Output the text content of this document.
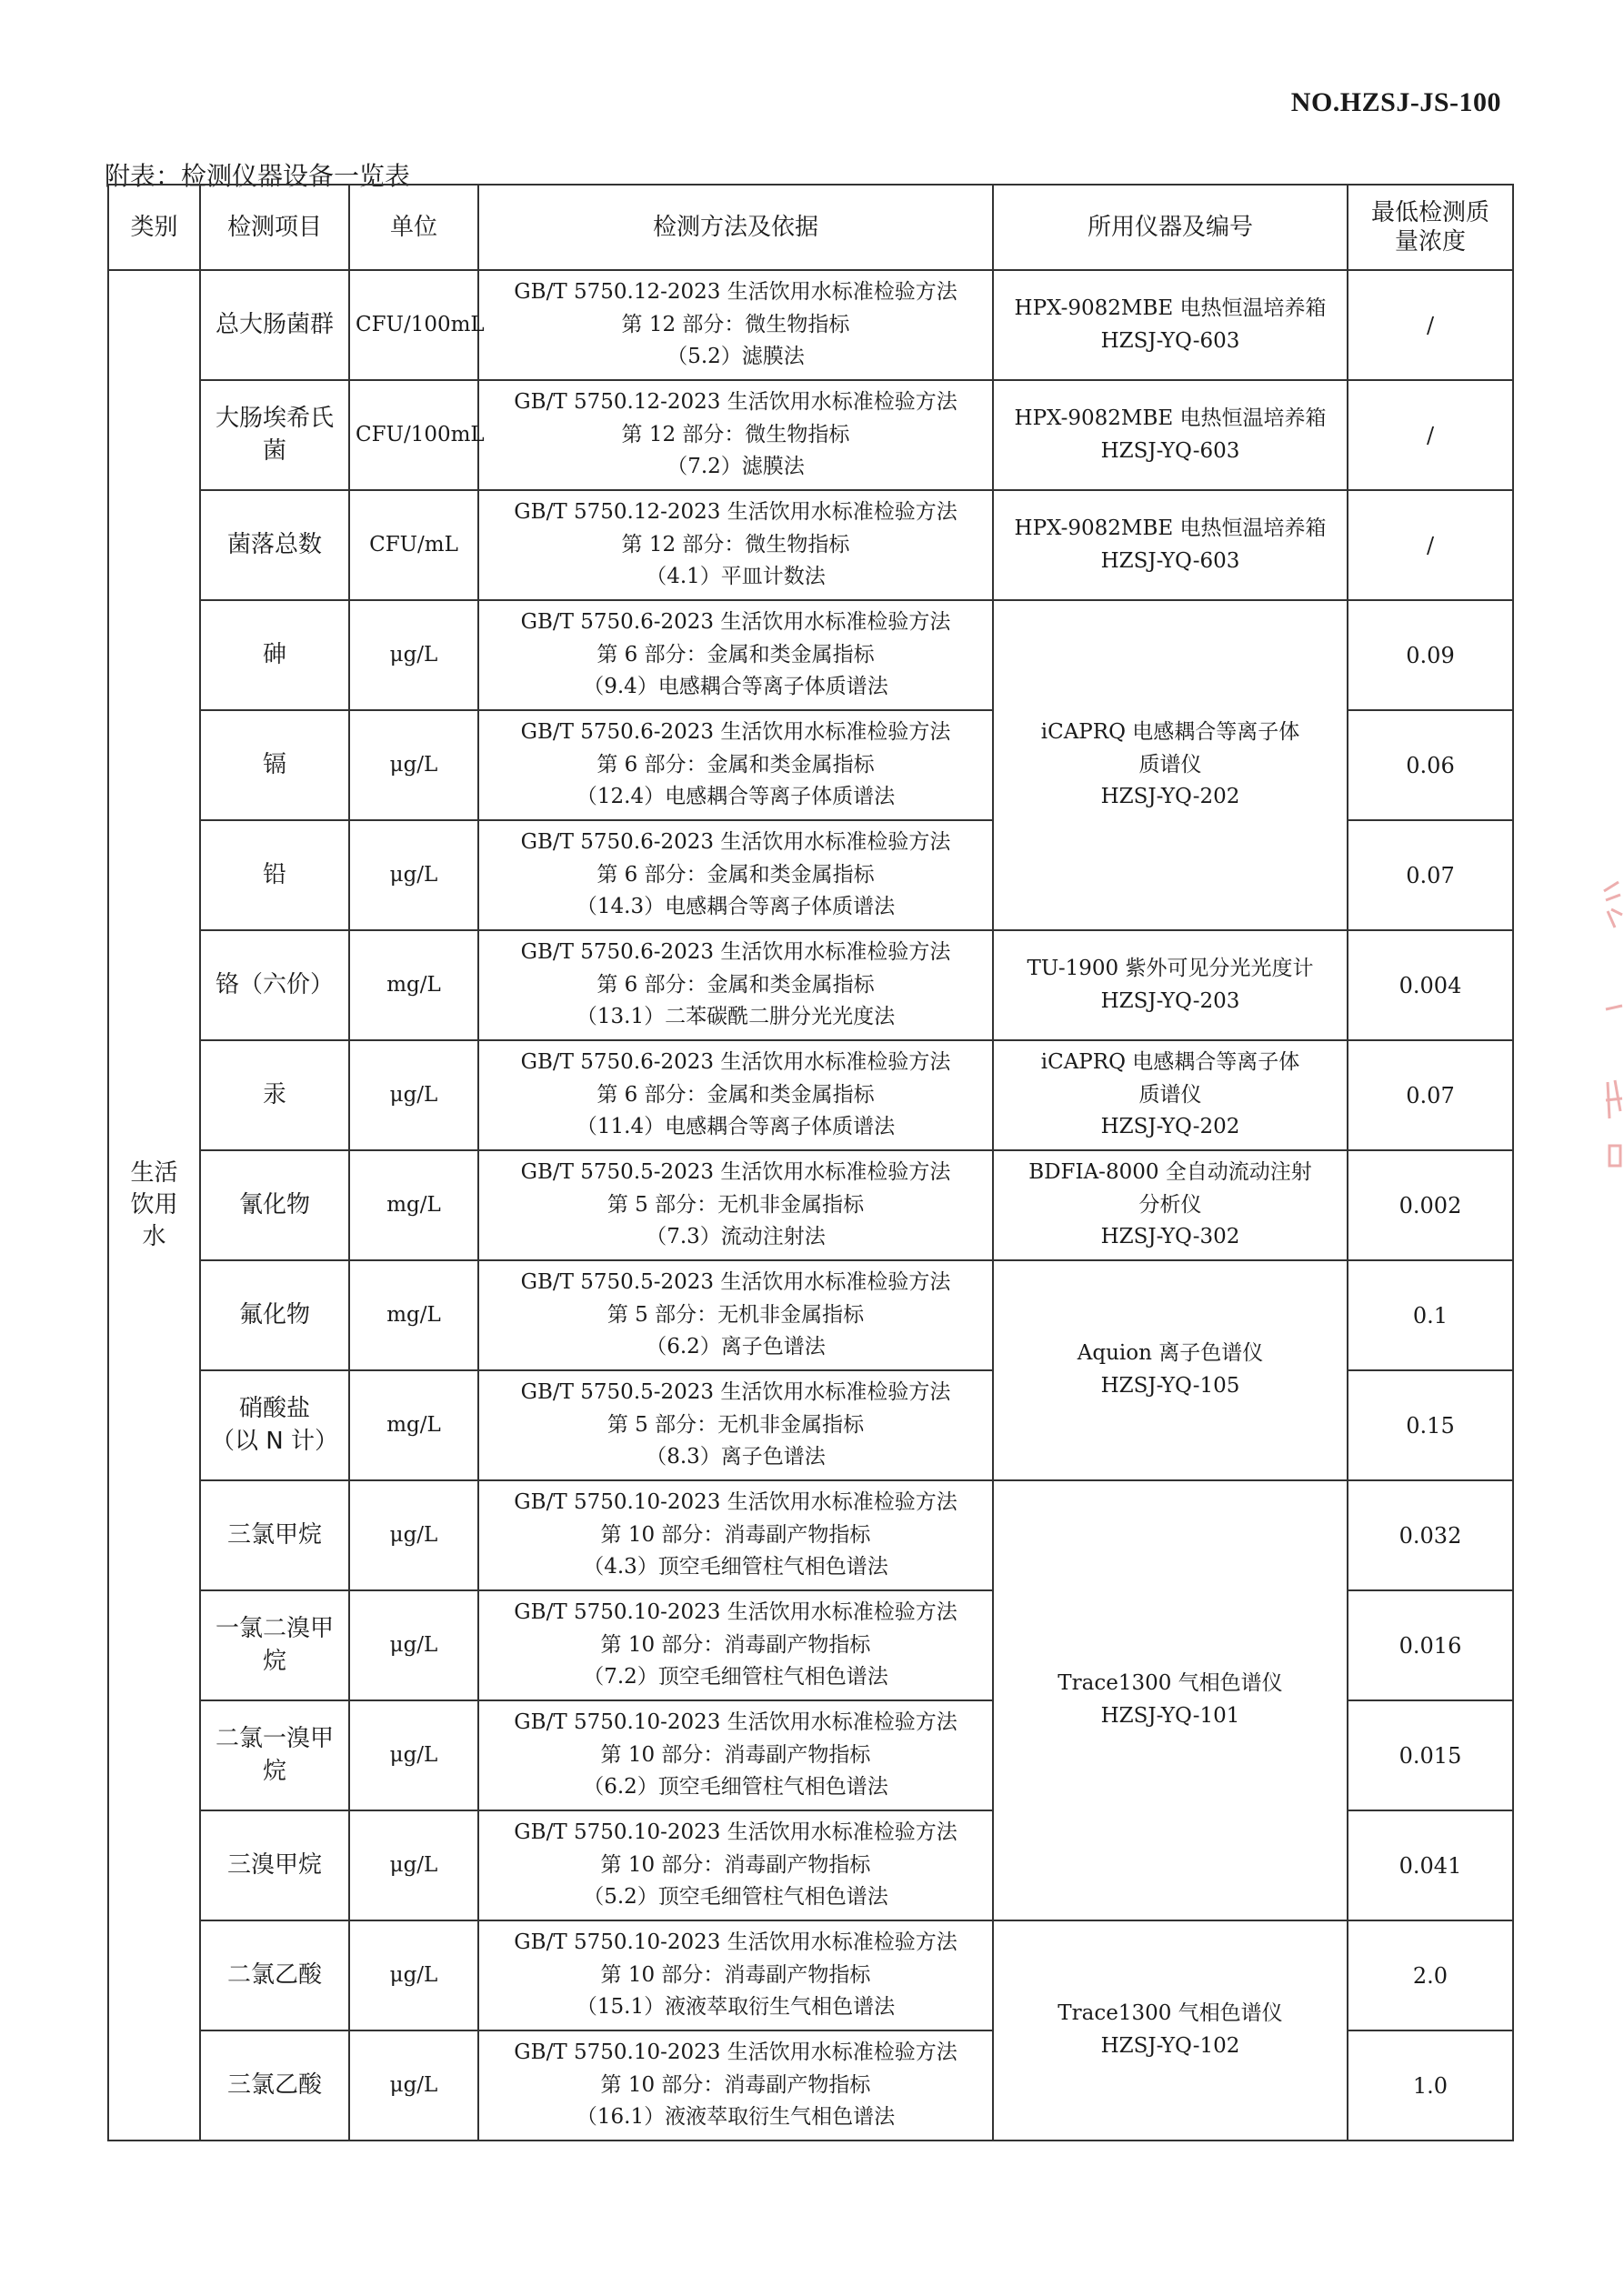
NO.HZSJ-JS-100
附表：检测仪器设备一览表
类别	检测项目	单位	检测方法及依据	所用仪器及编号	最低检测质量浓度
生活饮用水	总大肠菌群	CFU/100mL	GB/T 5750.12-2023 生活饮用水标准检验方法
第 12 部分：微生物指标
（5.2）滤膜法	HPX-9082MBE 电热恒温培养箱
HZSJ-YQ-603	/
	大肠埃希氏菌	CFU/100mL	GB/T 5750.12-2023 生活饮用水标准检验方法
第 12 部分：微生物指标
（7.2）滤膜法	HPX-9082MBE 电热恒温培养箱
HZSJ-YQ-603	/
	菌落总数	CFU/mL	GB/T 5750.12-2023 生活饮用水标准检验方法
第 12 部分：微生物指标
（4.1）平皿计数法	HPX-9082MBE 电热恒温培养箱
HZSJ-YQ-603	/
	砷	μg/L	GB/T 5750.6-2023 生活饮用水标准检验方法
第 6 部分：金属和类金属指标
（9.4）电感耦合等离子体质谱法	iCAPRQ 电感耦合等离子体
质谱仪
HZSJ-YQ-202	0.09
	镉	μg/L	GB/T 5750.6-2023 生活饮用水标准检验方法
第 6 部分：金属和类金属指标
（12.4）电感耦合等离子体质谱法		0.06
	铅	μg/L	GB/T 5750.6-2023 生活饮用水标准检验方法
第 6 部分：金属和类金属指标
（14.3）电感耦合等离子体质谱法		0.07
	铬（六价）	mg/L	GB/T 5750.6-2023 生活饮用水标准检验方法
第 6 部分：金属和类金属指标
（13.1）二苯碳酰二肼分光光度法	TU-1900 紫外可见分光光度计
HZSJ-YQ-203	0.004
	汞	μg/L	GB/T 5750.6-2023 生活饮用水标准检验方法
第 6 部分：金属和类金属指标
（11.4）电感耦合等离子体质谱法	iCAPRQ 电感耦合等离子体
质谱仪
HZSJ-YQ-202	0.07
	氰化物	mg/L	GB/T 5750.5-2023 生活饮用水标准检验方法
第 5 部分：无机非金属指标
（7.3）流动注射法	BDFIA-8000 全自动流动注射
分析仪
HZSJ-YQ-302	0.002
	氟化物	mg/L	GB/T 5750.5-2023 生活饮用水标准检验方法
第 5 部分：无机非金属指标
（6.2）离子色谱法	Aquion 离子色谱仪
HZSJ-YQ-105	0.1

	硝酸盐
（以 N 计）	mg/L	GB/T 5750.5-2023 生活饮用水标准检验方法
第 5 部分：无机非金属指标
（8.3）离子色谱法		0.15
	三氯甲烷	μg/L	GB/T 5750.10-2023 生活饮用水标准检验方法
第 10 部分：消毒副产物指标
（4.3）顶空毛细管柱气相色谱法	Trace1300 气相色谱仪
HZSJ-YQ-101	0.032
	一氯二溴甲烷	μg/L	GB/T 5750.10-2023 生活饮用水标准检验方法
第 10 部分：消毒副产物指标
（7.2）顶空毛细管柱气相色谱法		0.016
	二氯一溴甲烷	μg/L	GB/T 5750.10-2023 生活饮用水标准检验方法
第 10 部分：消毒副产物指标
（6.2）顶空毛细管柱气相色谱法		0.015
	三溴甲烷	μg/L	GB/T 5750.10-2023 生活饮用水标准检验方法
第 10 部分：消毒副产物指标
（5.2）顶空毛细管柱气相色谱法		0.041
	二氯乙酸	μg/L	GB/T 5750.10-2023 生活饮用水标准检验方法
第 10 部分：消毒副产物指标
（15.1）液液萃取衍生气相色谱法	Trace1300 气相色谱仪
HZSJ-YQ-102	2.0
	三氯乙酸	μg/L	GB/T 5750.10-2023 生活饮用水标准检验方法
第 10 部分：消毒副产物指标
（16.1）液液萃取衍生气相色谱法		1.0
